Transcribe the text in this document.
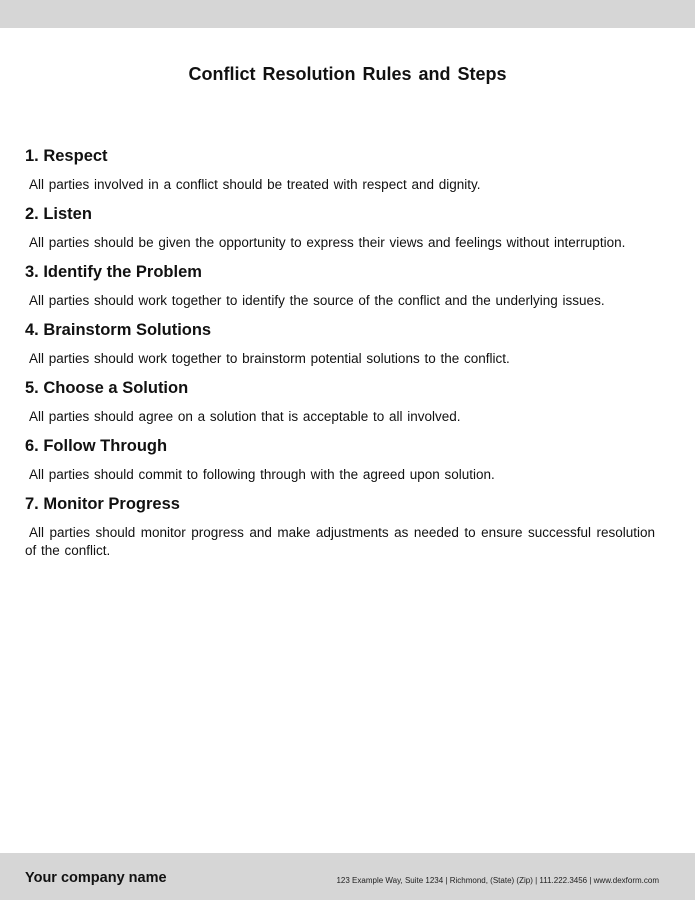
Conflict Resolution Rules and Steps
1. Respect

All parties involved in a conflict should be treated with respect and dignity.

2. Listen

All parties should be given the opportunity to express their views and feelings without interruption.

3. Identify the Problem

All parties should work together to identify the source of the conflict and the underlying issues.

4. Brainstorm Solutions

All parties should work together to brainstorm potential solutions to the conflict.

5. Choose a Solution

All parties should agree on a solution that is acceptable to all involved.

6. Follow Through

All parties should commit to following through with the agreed upon solution.

7. Monitor Progress

All parties should monitor progress and make adjustments as needed to ensure successful resolution of the conflict.

Your company name	123 Example Way, Suite 1234 | Richmond, (State) (Zip) | 111.222.3456 | www.dexform.com
